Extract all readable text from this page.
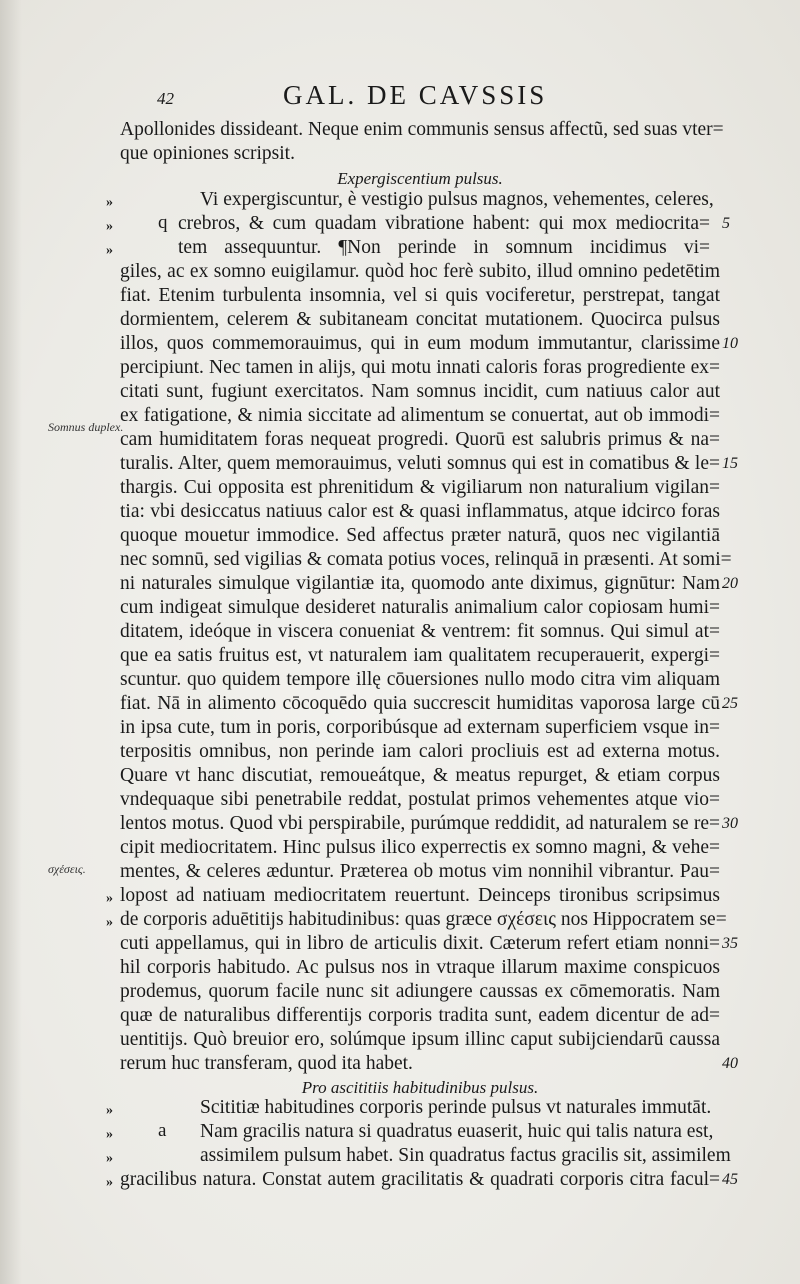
42	GAL. DE CAVSSIS
Apollonides dissideant. Neque enim communis sensus affectũ, sed suas vter=
que opiniones scripsit.
Expergiscentium pulsus.
Vi expergiscuntur, è vestigio pulsus magnos, vehementes, celeres,
crebros, & cum quadam vibratione habent: qui mox mediocrita=
tem assequuntur. ¶Non perinde in somnum incidimus vi=
giles, ac ex somno euigilamur. quòd hoc ferè subito, illud omnino pedetētim
fiat. Etenim turbulenta insomnia, vel si quis vociferetur, perstrepat, tangat
dormientem, celerem & subitaneam concitat mutationem. Quocirca pulsus
illos, quos commemorauimus, qui in eum modum immutantur, clarissime
percipiunt. Nec tamen in alijs, qui motu innati caloris foras progrediente ex=
citati sunt, fugiunt exercitatos. Nam somnus incidit, cum natiuus calor aut
ex fatigatione, & nimia siccitate ad alimentum se conuertat, aut ob immodi=
cam humiditatem foras nequeat progredi. Quorū est salubris primus & na=
turalis. Alter, quem memorauimus, veluti somnus qui est in comatibus & le=
thargis. Cui opposita est phrenitidum & vigiliarum non naturalium vigilan=
tia: vbi desiccatus natiuus calor est & quasi inflammatus, atque idcirco foras
quoque mouetur immodice. Sed affectus præter naturā, quos nec vigilantiā
nec somnū, sed vigilias & comata potius voces, relinquā in præsenti. At somi=
ni naturales simulque vigilantiæ ita, quomodo ante diximus, gignūtur: Nam
cum indigeat simulque desideret naturalis animalium calor copiosam humi=
ditatem, ideóque in viscera conueniat & ventrem: fit somnus. Qui simul at=
que ea satis fruitus est, vt naturalem iam qualitatem recuperauerit, expergi=
scuntur. quo quidem tempore illę cōuersiones nullo modo citra vim aliquam
fiat. Nā in alimento cōcoquēdo quia succrescit humiditas vaporosa large cū
in ipsa cute, tum in poris, corporibúsque ad externam superficiem vsque in=
terpositis omnibus, non perinde iam calori procliuis est ad externa motus.
Quare vt hanc discutiat, remoueátque, & meatus repurget, & etiam corpus
vndequaque sibi penetrabile reddat, postulat primos vehementes atque vio=
lentos motus. Quod vbi perspirabile, purúmque reddidit, ad naturalem se re=
cipit mediocritatem. Hinc pulsus ilico experrectis ex somno magni, & vehe=
mentes, & celeres æduntur. Præterea ob motus vim nonnihil vibrantur. Pau=
lopost ad natiuam mediocritatem reuertunt. Deinceps tironibus scripsimus
de corporis aduētitijs habitudinibus: quas græce σχέσεις nos Hippocratem se=
cuti appellamus, qui in libro de articulis dixit. Cæterum refert etiam nonni=
hil corporis habitudo. Ac pulsus nos in vtraque illarum maxime conspicuos
prodemus, quorum facile nunc sit adiungere caussas ex cōmemoratis. Nam
quæ de naturalibus differentijs corporis tradita sunt, eadem dicentur de ad=
uentitijs. Quò breuior ero, solúmque ipsum illinc caput subijciendarū caussa
rerum huc transferam, quod ita habet.
Pro ascititiis habitudinibus pulsus.
Scititiæ habitudines corporis perinde pulsus vt naturales immutāt.
Nam gracilis natura si quadratus euaserit, huic qui talis natura est,
assimilem pulsum habet. Sin quadratus factus gracilis sit, assimilem
gracilibus natura. Constat autem gracilitatis & quadrati corporis citra facul=
»
»
»
»
»
»
»
»
»
q
a
Somnus duplex.
σχέσεις.
5
10
15
20
25
30
35
40
45
